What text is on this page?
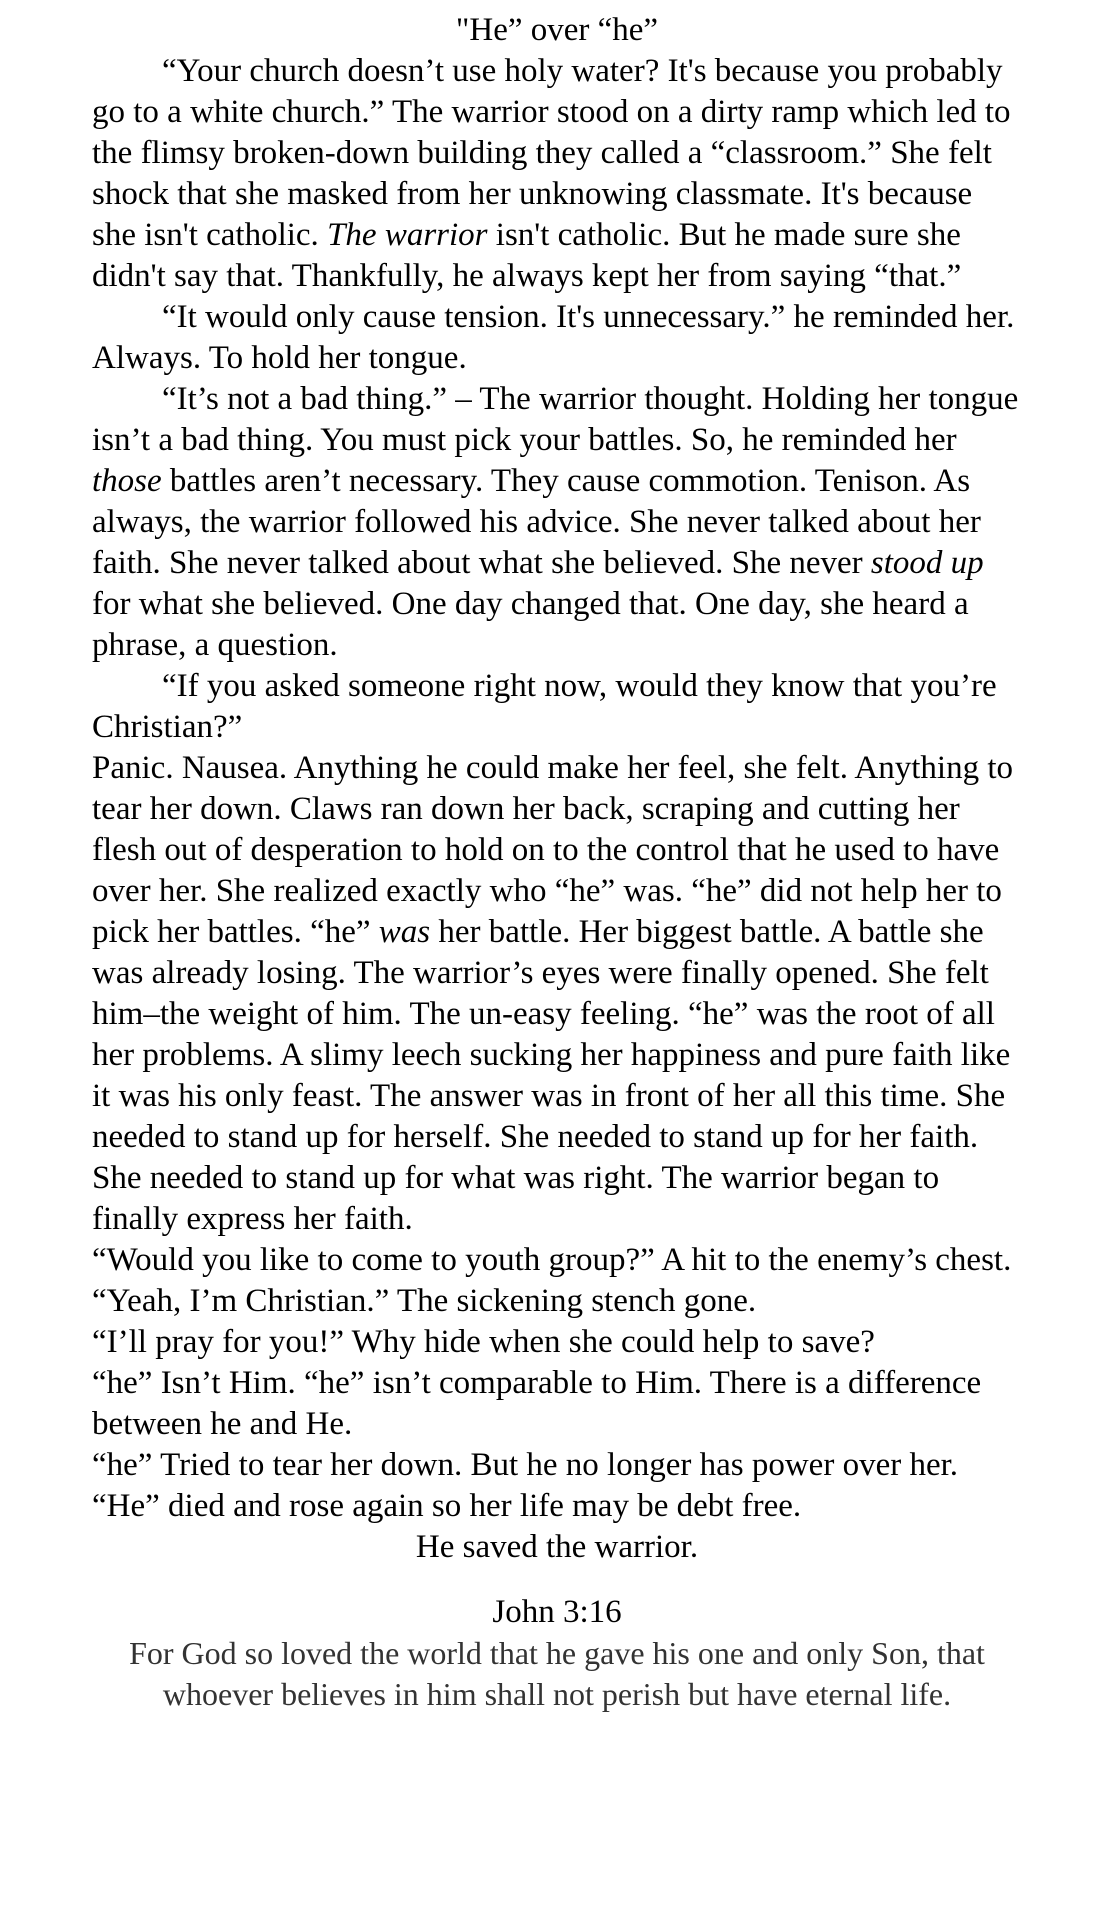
"He” over “he”

“Your church doesn’t use holy water? It's because you probably go to a white church.” The warrior stood on a dirty ramp which led to the flimsy broken-down building they called a “classroom.” She felt shock that she masked from her unknowing classmate. It's because she isn't catholic. The warrior isn't catholic. But he made sure she didn't say that. Thankfully, he always kept her from saying “that.”

“It would only cause tension. It's unnecessary.” he reminded her.

Always. To hold her tongue.

“It’s not a bad thing.” – The warrior thought. Holding her tongue isn’t a bad thing. You must pick your battles. So, he reminded her those battles aren’t necessary. They cause commotion. Tenison. As always, the warrior followed his advice. She never talked about her faith. She never talked about what she believed. She never stood up for what she believed. One day changed that. One day, she heard a phrase, a question.

“If you asked someone right now, would they know that you’re Christian?”

Panic. Nausea. Anything he could make her feel, she felt. Anything to tear her down. Claws ran down her back, scraping and cutting her flesh out of desperation to hold on to the control that he used to have over her. She realized exactly who “he” was. “he” did not help her to pick her battles. “he” was her battle. Her biggest battle. A battle she was already losing. The warrior’s eyes were finally opened. She felt him–the weight of him. The un-easy feeling. “he” was the root of all her problems. A slimy leech sucking her happiness and pure faith like it was his only feast. The answer was in front of her all this time. She needed to stand up for herself. She needed to stand up for her faith. She needed to stand up for what was right. The warrior began to finally express her faith.

“Would you like to come to youth group?” A hit to the enemy’s chest.

“Yeah, I’m Christian.” The sickening stench gone.

“I’ll pray for you!” Why hide when she could help to save?

“he” Isn’t Him. “he” isn’t comparable to Him. There is a difference between he and He.

“he” Tried to tear her down. But he no longer has power over her.

“He” died and rose again so her life may be debt free.

He saved the warrior.

John 3:16

For God so loved the world that he gave his one and only Son, that whoever believes in him shall not perish but have eternal life.
